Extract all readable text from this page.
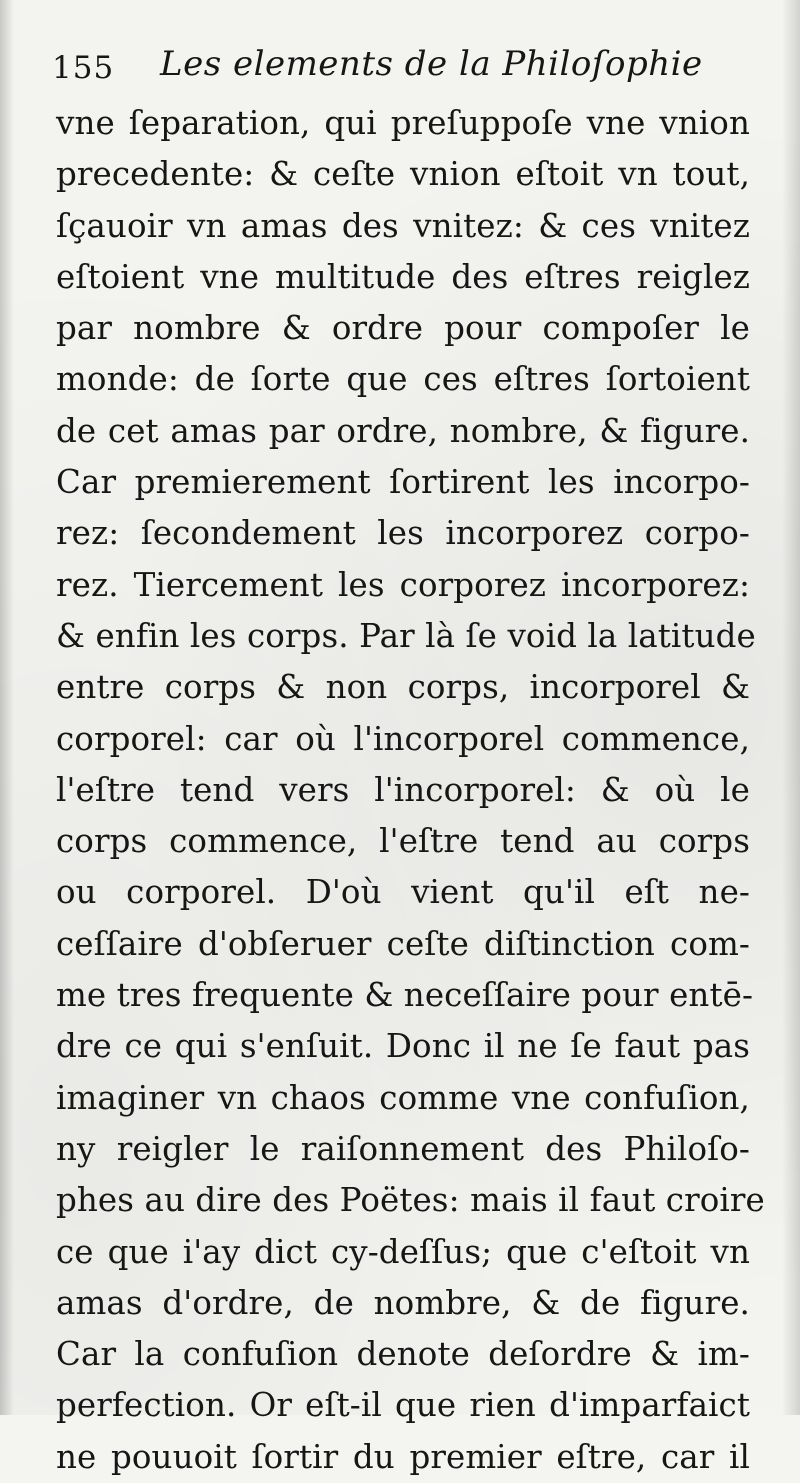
155 Les elements de la Philoſophie
vne ſeparation, qui preſuppoſe vne vnion
precedente: & ceſte vnion eſtoit vn tout,
ſçauoir vn amas des vnitez: & ces vnitez
eſtoient vne multitude des eſtres reiglez
par nombre & ordre pour compoſer le
monde: de ſorte que ces eſtres ſortoient
de cet amas par ordre, nombre, & figure.
Car premierement ſortirent les incorpo-
rez: ſecondement les incorporez corpo-
rez. Tiercement les corporez incorporez:
& enfin les corps. Par là ſe void la latitude
entre corps & non corps, incorporel &
corporel: car où l'incorporel commence,
l'eſtre tend vers l'incorporel: & où le
corps commence, l'eſtre tend au corps
ou corporel. D'où vient qu'il eſt ne-
ceſſaire d'obſeruer ceſte diſtinction com-
me tres frequente & neceſſaire pour entē-
dre ce qui s'enſuit. Donc il ne ſe faut pas
imaginer vn chaos comme vne confuſion,
ny reigler le raiſonnement des Philoſo-
phes au dire des Poëtes: mais il faut croire
ce que i'ay dict cy-deſſus; que c'eſtoit vn
amas d'ordre, de nombre, & de figure.
Car la confuſion denote deſordre & im-
perfection. Or eſt-il que rien d'imparfaict
ne pouuoit ſortir du premier eſtre, car il
